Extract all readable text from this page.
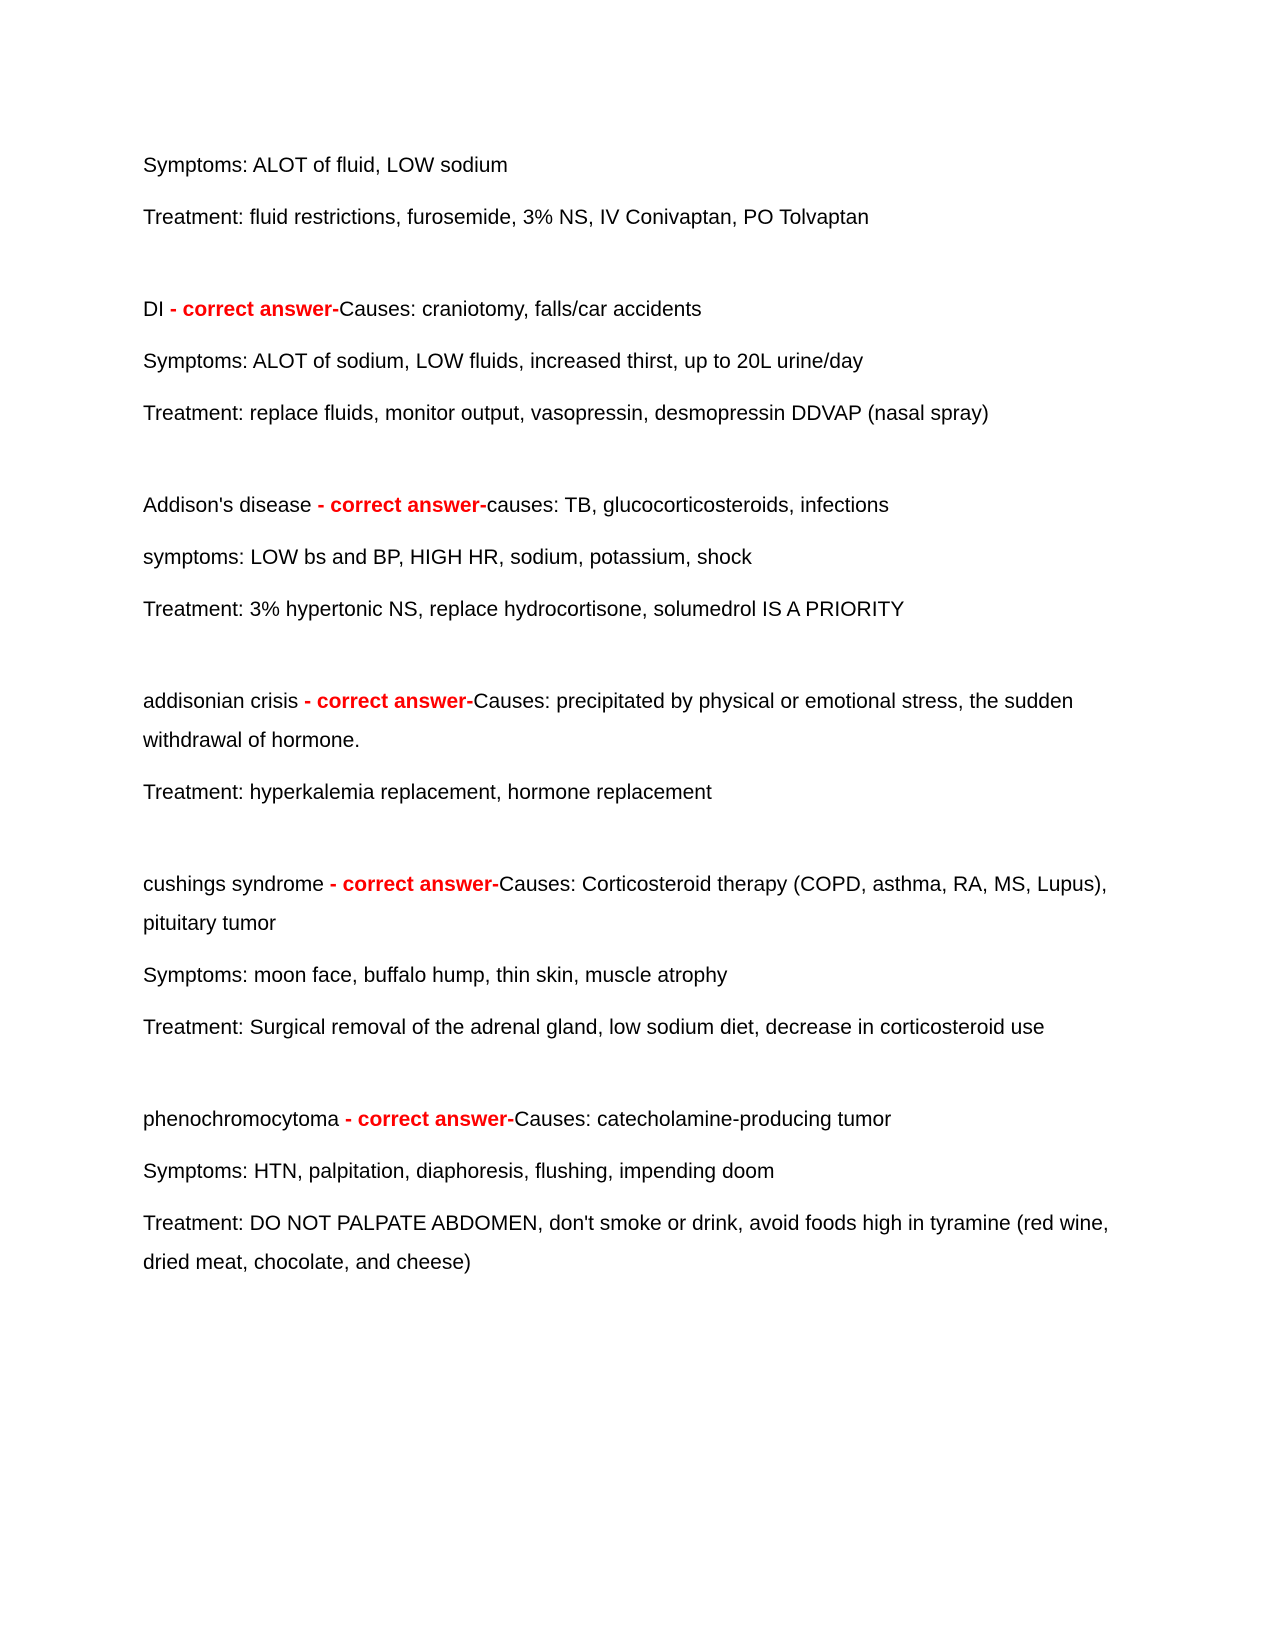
Symptoms: ALOT of fluid, LOW sodium

Treatment: fluid restrictions, furosemide, 3% NS, IV Conivaptan, PO Tolvaptan

DI - correct answer-Causes: craniotomy, falls/car accidents

Symptoms: ALOT of sodium, LOW fluids, increased thirst, up to 20L urine/day

Treatment: replace fluids, monitor output, vasopressin, desmopressin DDVAP (nasal spray)

Addison's disease - correct answer-causes: TB, glucocorticosteroids, infections

symptoms: LOW bs and BP, HIGH HR, sodium, potassium, shock

Treatment: 3% hypertonic NS, replace hydrocortisone, solumedrol IS A PRIORITY

addisonian crisis - correct answer-Causes: precipitated by physical or emotional stress, the sudden withdrawal of hormone.

Treatment: hyperkalemia replacement, hormone replacement

cushings syndrome - correct answer-Causes: Corticosteroid therapy (COPD, asthma, RA, MS, Lupus), pituitary tumor

Symptoms: moon face, buffalo hump, thin skin, muscle atrophy

Treatment: Surgical removal of the adrenal gland, low sodium diet, decrease in corticosteroid use

phenochromocytoma - correct answer-Causes: catecholamine-producing tumor

Symptoms: HTN, palpitation, diaphoresis, flushing, impending doom

Treatment: DO NOT PALPATE ABDOMEN, don't smoke or drink, avoid foods high in tyramine (red wine, dried meat, chocolate, and cheese)
